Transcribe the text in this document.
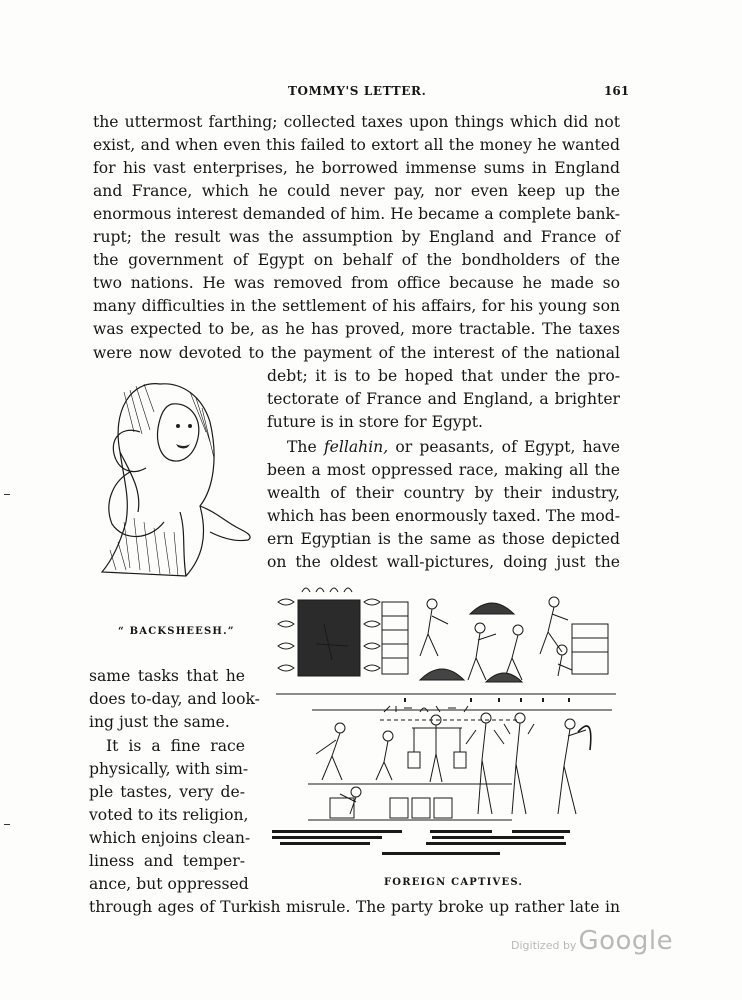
TOMMY'S LETTER.	161
the uttermost farthing; collected taxes upon things which did not
exist, and when even this failed to extort all the money he wanted
for his vast enterprises, he borrowed immense sums in England
and France, which he could never pay, nor even keep up the
enormous interest demanded of him. He became a complete bank-
rupt; the result was the assumption by England and France of
the government of Egypt on behalf of the bondholders of the
two nations. He was removed from office because he made so
many difficulties in the settlement of his affairs, for his young son
was expected to be, as he has proved, more tractable. The taxes
were now devoted to the payment of the interest of the national
debt; it is to be hoped that under the pro-
tectorate of France and England, a brighter
future is in store for Egypt.
The fellahin, or peasants, of Egypt, have
been a most oppressed race, making all the
wealth of their country by their industry,
which has been enormously taxed. The mod-
ern Egyptian is the same as those depicted
on the oldest wall-pictures, doing just the
“ BACKSHEESH.”
same tasks that he
does to-day, and look-
ing just the same.
It is a fine race
physically, with sim-
ple tastes, very de-
voted to its religion,
which enjoins clean-
liness and temper-
ance, but oppressed	FOREIGN CAPTIVES.
through ages of Turkish misrule. The party broke up rather late in
Digitized byGoogle
